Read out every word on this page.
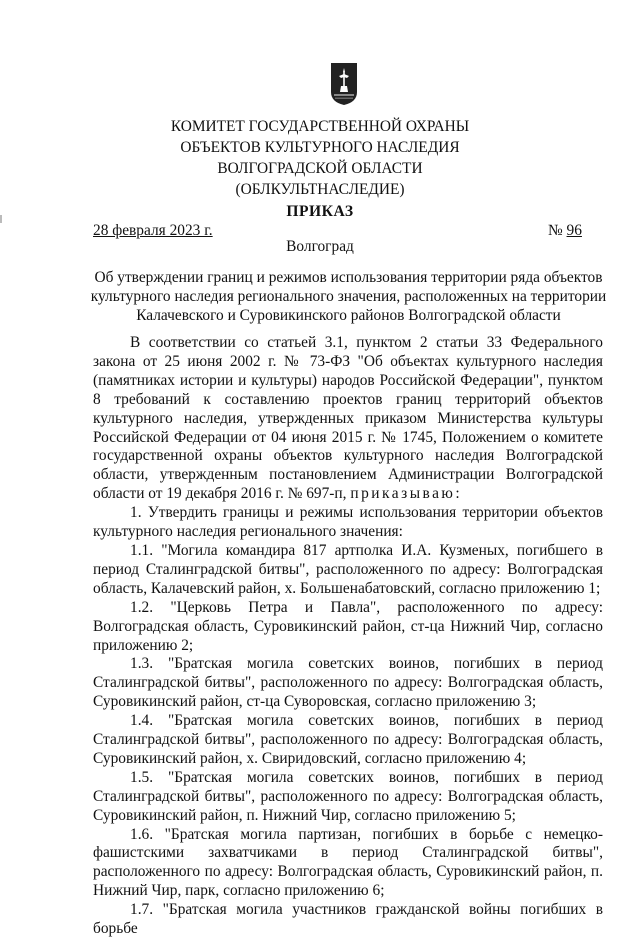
КОМИТЕТ ГОСУДАРСТВЕННОЙ ОХРАНЫ
ОБЪЕКТОВ КУЛЬТУРНОГО НАСЛЕДИЯ
ВОЛГОГРАДСКОЙ ОБЛАСТИ
(ОБЛКУЛЬТНАСЛЕДИЕ)
ПРИКАЗ
28 февраля 2023 г.	№ 96
Волгоград
Об утверждении границ и режимов использования территории ряда объектов культурного наследия регионального значения, расположенных на территории Калачевского и Суровикинского районов Волгоградской области

В соответствии со статьей 3.1, пунктом 2 статьи 33 Федерального закона от 25 июня 2002 г. № 73-ФЗ "Об объектах культурного наследия (памятниках истории и культуры) народов Российской Федерации", пунктом 8 требований к составлению проектов границ территорий объектов культурного наследия, утвержденных приказом Министерства культуры Российской Федерации от 04 июня 2015 г. № 1745, Положением о комитете государственной охраны объектов культурного наследия Волгоградской области, утвержденным постановлением Администрации Волгоградской области от 19 декабря 2016 г. № 697-п, приказываю:

1. Утвердить границы и режимы использования территории объектов культурного наследия регионального значения:

1.1. "Могила командира 817 артполка И.А. Кузменых, погибшего в период Сталинградской битвы", расположенного по адресу: Волгоградская область, Калачевский район, х. Большенабатовский, согласно приложению 1;

1.2. "Церковь Петра и Павла", расположенного по адресу: Волгоградская область, Суровикинский район, ст-ца Нижний Чир, согласно приложению 2;

1.3. "Братская могила советских воинов, погибших в период Сталинградской битвы", расположенного по адресу: Волгоградская область, Суровикинский район, ст-ца Суворовская, согласно приложению 3;

1.4. "Братская могила советских воинов, погибших в период Сталинградской битвы", расположенного по адресу: Волгоградская область, Суровикинский район, х. Свиридовский, согласно приложению 4;

1.5. "Братская могила советских воинов, погибших в период Сталинградской битвы", расположенного по адресу: Волгоградская область, Суровикинский район, п. Нижний Чир, согласно приложению 5;

1.6. "Братская могила партизан, погибших в борьбе с немецко-фашистскими захватчиками в период Сталинградской битвы", расположенного по адресу: Волгоградская область, Суровикинский район, п. Нижний Чир, парк, согласно приложению 6;

1.7. "Братская могила участников гражданской войны погибших в борьбе
